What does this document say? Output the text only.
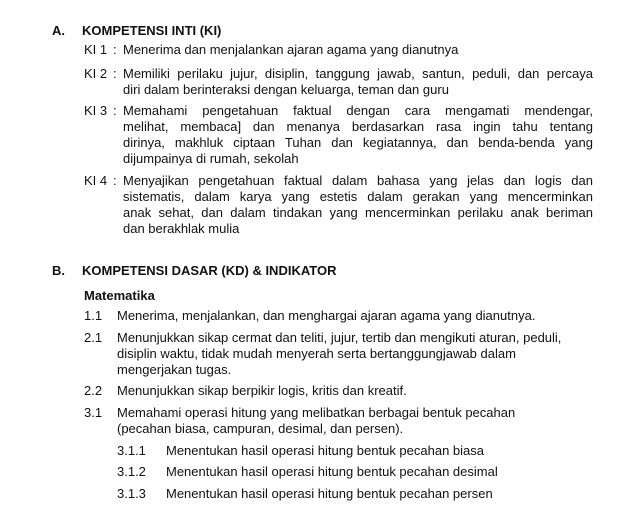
A. KOMPETENSI INTI (KI)
KI 1 : Menerima dan menjalankan ajaran agama yang dianutnya
KI 2 : Memiliki perilaku jujur, disiplin, tanggung jawab, santun, peduli, dan percaya
diri dalam berinteraksi dengan keluarga, teman dan guru
KI 3 : Memahami pengetahuan faktual dengan cara mengamati mendengar,
melihat, membaca] dan menanya berdasarkan rasa ingin tahu tentang
dirinya, makhluk ciptaan Tuhan dan kegiatannya, dan benda-benda yang
dijumpainya di rumah, sekolah
KI 4 : Menyajikan pengetahuan faktual dalam bahasa yang jelas dan logis dan
sistematis, dalam karya yang estetis dalam gerakan yang mencerminkan
anak sehat, dan dalam tindakan yang mencerminkan perilaku anak beriman
dan berakhlak mulia
B. KOMPETENSI DASAR (KD) & INDIKATOR
Matematika
1.1 Menerima, menjalankan, dan menghargai ajaran agama yang dianutnya.
2.1 Menunjukkan sikap cermat dan teliti, jujur, tertib dan mengikuti aturan, peduli,
disiplin waktu, tidak mudah menyerah serta bertanggungjawab dalam
mengerjakan tugas.
2.2 Menunjukkan sikap berpikir logis, kritis dan kreatif.
3.1 Memahami operasi hitung yang melibatkan berbagai bentuk pecahan
(pecahan biasa, campuran, desimal, dan persen).
3.1.1 Menentukan hasil operasi hitung bentuk pecahan biasa
3.1.2 Menentukan hasil operasi hitung bentuk pecahan desimal
3.1.3 Menentukan hasil operasi hitung bentuk pecahan persen
